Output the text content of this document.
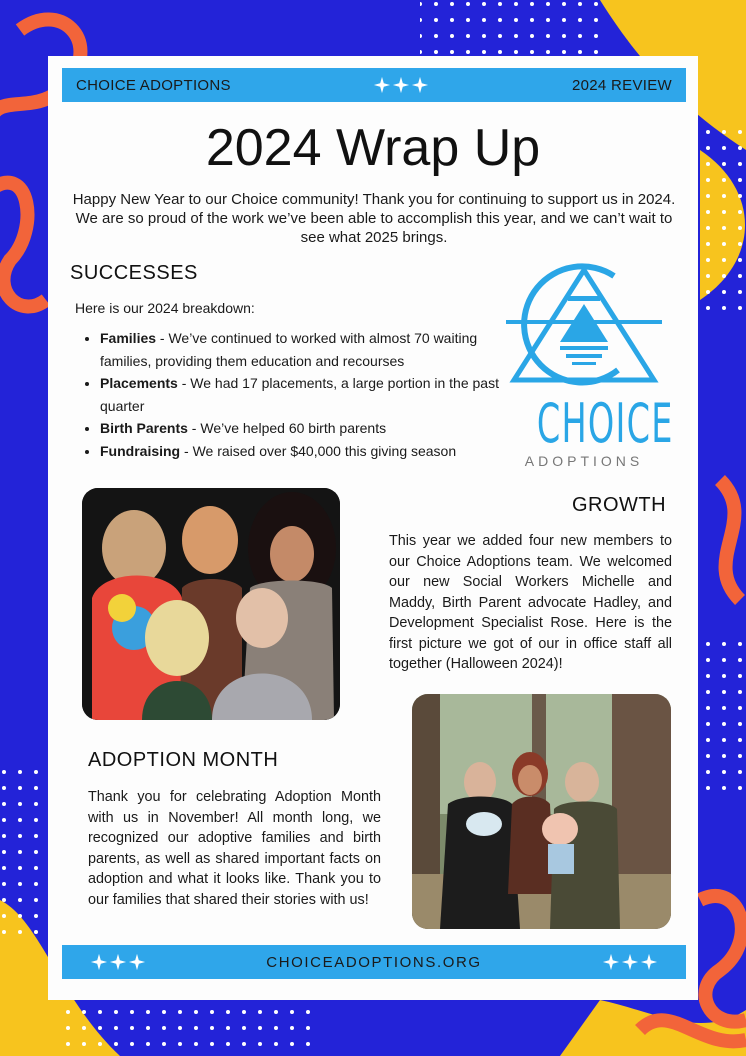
CHOICE ADOPTIONS	2024 REVIEW
2024 Wrap Up
Happy New Year to our Choice community! Thank you for continuing to support us in 2024. We are so proud of the work we’ve been able to accomplish this year, and we can’t wait to see what 2025 brings.
SUCCESSES
Here is our 2024 breakdown:
• Families - We’ve continued to worked with almost 70 waiting families, providing them education and recourses
• Placements - We had 17 placements, a large portion in the past quarter
• Birth Parents - We’ve helped 60 birth parents
• Fundraising - We raised over $40,000 this giving season	CHOICE
ADOPTIONS
GROWTH
This year we added four new members to our Choice Adoptions team. We welcomed our new Social Workers Michelle and Maddy, Birth Parent advocate Hadley, and Development Specialist Rose. Here is the first picture we got of our in office staff all together (Halloween 2024)!
ADOPTION MONTH
Thank you for celebrating Adoption Month with us in November! All month long, we recognized our adoptive families and birth parents, as well as shared important facts on adoption and what it looks like. Thank you to our families that shared their stories with us!
CHOICEADOPTIONS.ORG
